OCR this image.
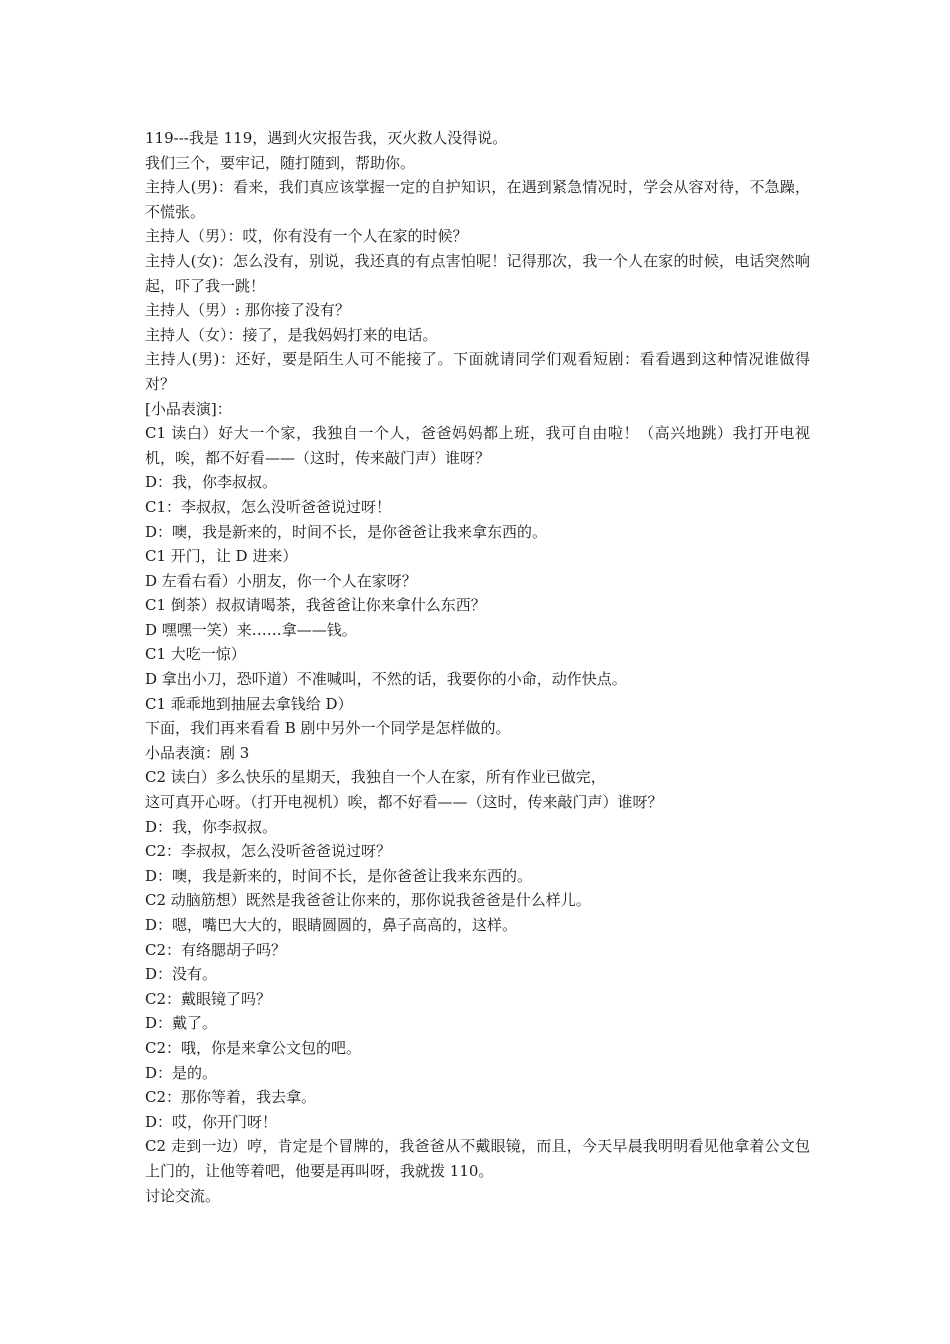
119---我是 119，遇到火灾报告我，灭火救人没得说。
我们三个，要牢记，随打随到，帮助你。
主持人(男)：看来，我们真应该掌握一定的自护知识，在遇到紧急情况时，学会从容对待，不急躁，不慌张。
主持人（男）：哎，你有没有一个人在家的时候？
主持人(女)：怎么没有，别说，我还真的有点害怕呢！记得那次，我一个人在家的时候，电话突然响起，吓了我一跳！
主持人（男）: 那你接了没有？
主持人（女）：接了，是我妈妈打来的电话。
主持人(男)：还好，要是陌生人可不能接了。下面就请同学们观看短剧：看看遇到这种情况谁做得对？
[小品表演]：
C1 读白）好大一个家，我独自一个人，爸爸妈妈都上班，我可自由啦！（高兴地跳）我打开电视机，唉，都不好看——（这时，传来敲门声）谁呀？
D：我，你李叔叔。
C1：李叔叔，怎么没听爸爸说过呀！
D：噢，我是新来的，时间不长，是你爸爸让我来拿东西的。
C1 开门，让 D 进来）
D 左看右看）小朋友，你一个人在家呀？
C1 倒茶）叔叔请喝茶，我爸爸让你来拿什么东西？
D 嘿嘿一笑）来……拿——钱。
C1 大吃一惊）
D 拿出小刀，恐吓道）不准喊叫，不然的话，我要你的小命，动作快点。
C1 乖乖地到抽屉去拿钱给 D）
下面，我们再来看看 B 剧中另外一个同学是怎样做的。
小品表演：剧 3
C2 读白）多么快乐的星期天，我独自一个人在家，所有作业已做完，
这可真开心呀。（打开电视机）唉，都不好看——（这时，传来敲门声）谁呀？
D：我，你李叔叔。
C2：李叔叔，怎么没听爸爸说过呀？
D：噢，我是新来的，时间不长，是你爸爸让我来东西的。
C2 动脑筋想）既然是我爸爸让你来的，那你说我爸爸是什么样儿。
D：嗯，嘴巴大大的，眼睛圆圆的，鼻子高高的，这样。
C2：有络腮胡子吗？
D：没有。
C2：戴眼镜了吗？
D：戴了。
C2：哦，你是来拿公文包的吧。
D：是的。
C2：那你等着，我去拿。
D：哎，你开门呀！
C2 走到一边）哼，肯定是个冒牌的，我爸爸从不戴眼镜，而且，今天早晨我明明看见他拿着公文包上门的，让他等着吧，他要是再叫呀，我就拨 110。
讨论交流。
